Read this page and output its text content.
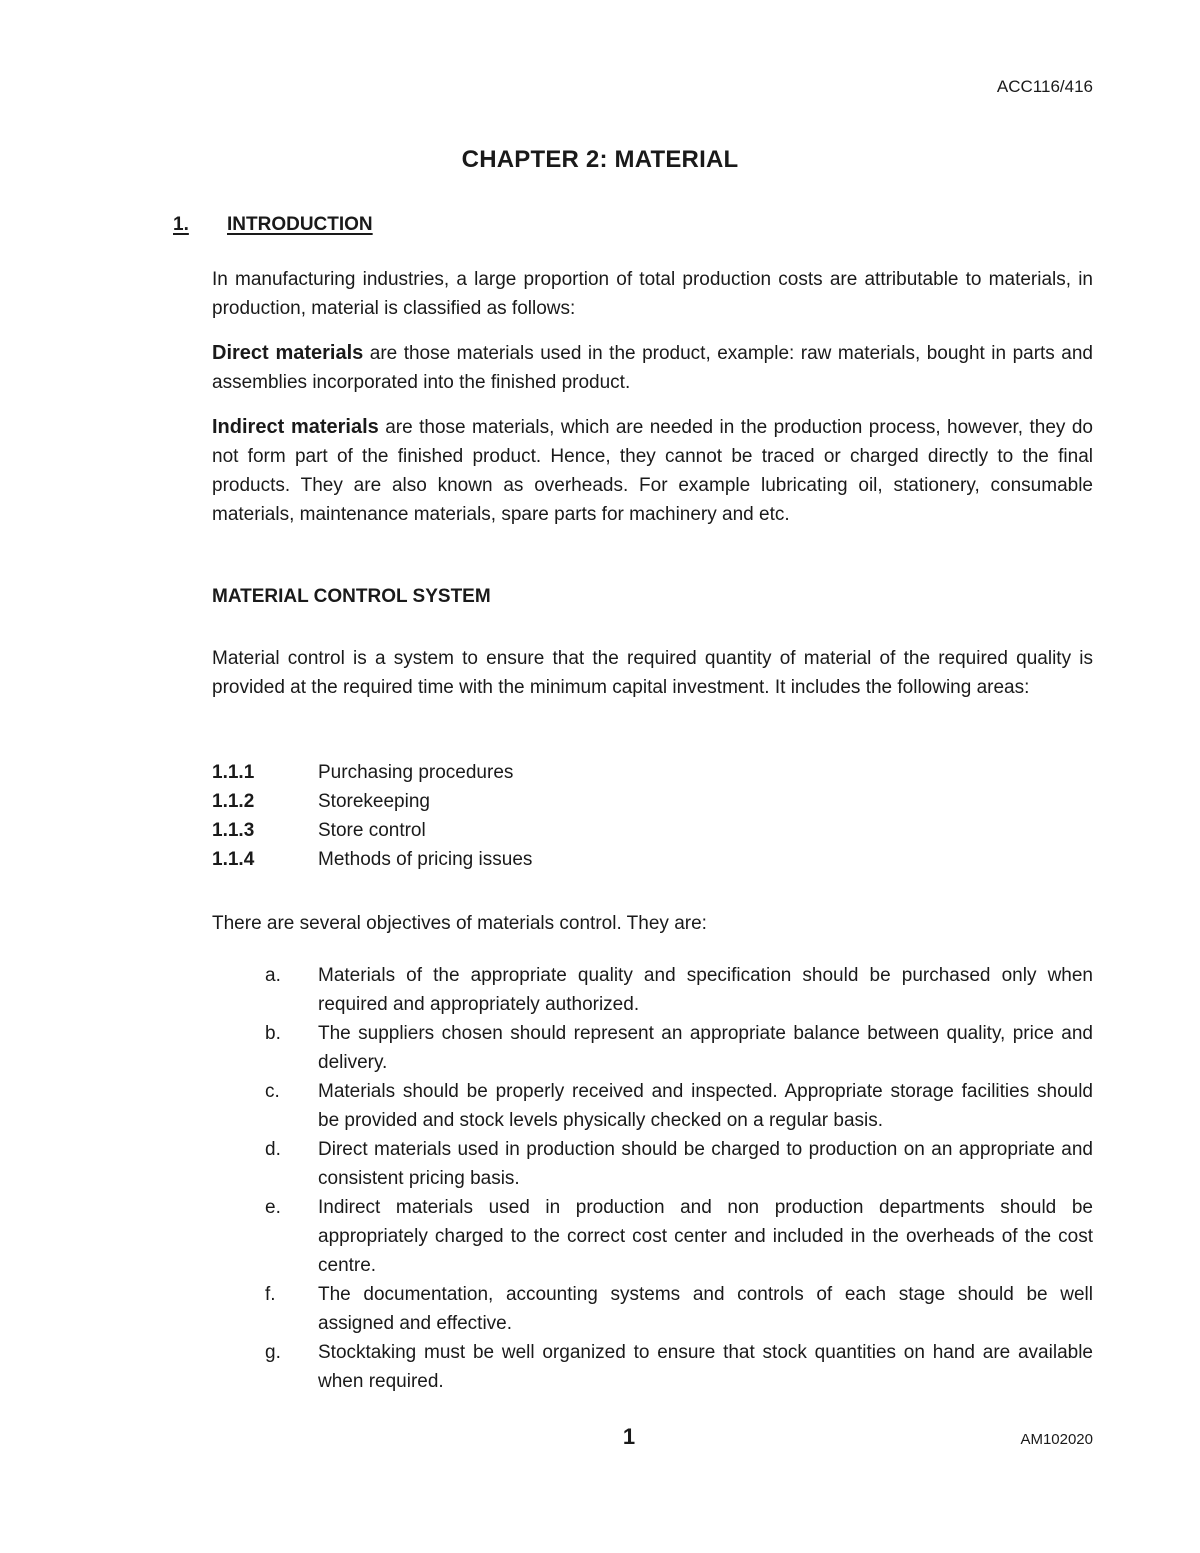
ACC116/416
CHAPTER 2: MATERIAL
1. INTRODUCTION

In manufacturing industries, a large proportion of total production costs are attributable to materials, in production, material is classified as follows:

Direct materials are those materials used in the product, example: raw materials, bought in parts and assemblies incorporated into the finished product.

Indirect materials are those materials, which are needed in the production process, however, they do not form part of the finished product. Hence, they cannot be traced or charged directly to the final products. They are also known as overheads. For example lubricating oil, stationery, consumable materials, maintenance materials, spare parts for machinery and etc.

MATERIAL CONTROL SYSTEM

Material control is a system to ensure that the required quantity of material of the required quality is provided at the required time with the minimum capital investment. It includes the following areas:

1.1.1	Purchasing procedures
1.1.2	Storekeeping
1.1.3	Store control
1.1.4	Methods of pricing issues

There are several objectives of materials control. They are:

a.	Materials of the appropriate quality and specification should be purchased only when required and appropriately authorized.
b.	The suppliers chosen should represent an appropriate balance between quality, price and delivery.
c.	Materials should be properly received and inspected. Appropriate storage facilities should be provided and stock levels physically checked on a regular basis.
d.	Direct materials used in production should be charged to production on an appropriate and consistent pricing basis.
e.	Indirect materials used in production and non production departments should be appropriately charged to the correct cost center and included in the overheads of the cost centre.
f.	The documentation, accounting systems and controls of each stage should be well assigned and effective.
g.	Stocktaking must be well organized to ensure that stock quantities on hand are available when required.
1	AM102020
